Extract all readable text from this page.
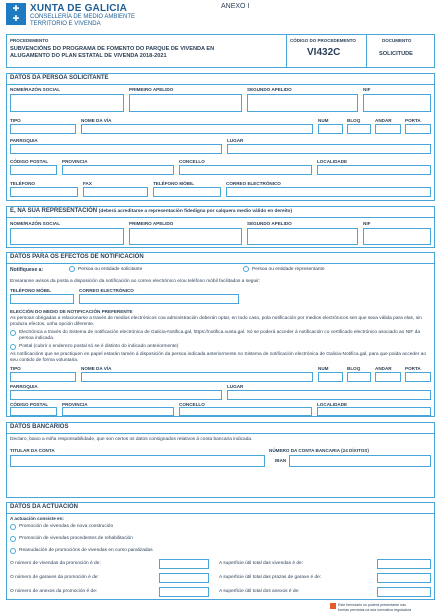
✚
✚
XUNTA DE GALICIA
CONSELLERÍA DE MEDIO AMBIENTE
TERRITORIO E VIVENDA
ANEXO I
PROCEDEMENTO
SUBVENCIÓNS DO PROGRAMA DE FOMENTO DO PARQUE DE VIVENDA EN
ALUGAMENTO DO PLAN ESTATAL DE VIVENDA 2018-2021
CÓDIGO DO PROCEDEMENTO
VI432C
DOCUMENTO
SOLICITUDE
DATOS DA PERSOA SOLICITANTE
NOME/RAZÓN SOCIAL	PRIMEIRO APELIDO	SEGUNDO APELIDO	NIF
TIPO	NOME DA VÍA	NUM	BLOQ	ANDAR	PORTA
PARROQUIA	LUGAR
CÓDIGO POSTAL	PROVINCIA	CONCELLO	LOCALIDADE
TELÉFONO	FAX	TELÉFONO MÓBIL	CORREO ELECTRÓNICO
E, NA SÚA REPRESENTACIÓN (deberá acreditarse a representación fidedigna por calquera medio válido en dereito)
NOME/RAZÓN SOCIAL	PRIMEIRO APELIDO	SEGUNDO APELIDO	NIF
DATOS PARA OS EFECTOS DE NOTIFICACIÓN
Notifíquese a:	Persoa ou entidade solicitante	Persoa ou entidade representante
Enviaranse avisos da posta a disposición da notificación ao correo electrónico e/ou teléfono móbil facilitados a seguir:
TELÉFONO MÓBIL	CORREO ELECTRÓNICO
ELECCIÓN DO MEDIO DE NOTIFICACIÓN PREFERENTE
As persoas obrigadas a relacionarse a través de medios electrónicos coa administración deberán optar, en todo caso, pola notificación por medios electrónicos sen que sexa válida para elas, nin produza efectos, unha opción diferente.
Electrónica a través do Sistema de notificación electrónica de Galicia-Notifica.gal, https://notifica.xunta.gal. Só se poderá acceder á notificación co certificado electrónico asociado ao NIF da persoa indicada.
Postal (cubrir o enderezo postal só se é distinto do indicado anteriormente)
As notificacións que se practiquen en papel estarán tamén á disposición da persoa indicada anteriormente no Sistema de notificación electrónica de Galicia-Notifica.gal, para que poida acceder ao seu contido de forma voluntaria.
TIPO	NOME DA VÍA	NUM	BLOQ	ANDAR	PORTA
PARROQUIA	LUGAR
CÓDIGO POSTAL	PROVINCIA	CONCELLO	LOCALIDADE
DATOS BANCARIOS
Declaro, baixo a miña responsabilidade, que son certos os datos consignados relativos á conta bancaria indicada.
TITULAR DA CONTA	NÚMERO DA CONTA BANCARIA (24 DÍXITOS)
IBAN
DATOS DA ACTUACIÓN
A actuación consiste en:
Promoción de vivendas de nova construción
Promoción de vivendas procedentes de rehabilitación
Reanudación de promocións de vivendas en curso paralizadas
O número de vivendas da promoción é de:	A superficie útil total das vivendas é de:
O número de garaxes da promoción é de:	A superficie útil total das prazas de garaxe é de:
O número de anexos da promoción é de:	A superficie útil total dos anexos é de:
Este formulario só poderá presentarse nas
formas previstas na súa normativa reguladora
